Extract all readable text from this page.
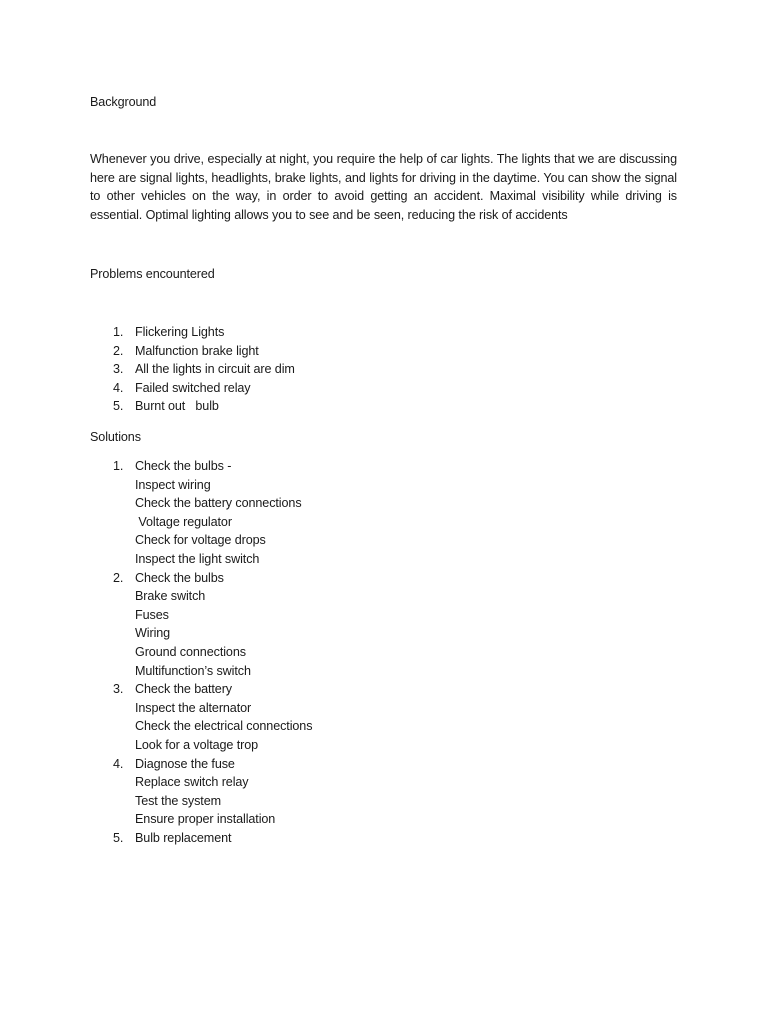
Background

Whenever you drive, especially at night, you require the help of car lights. The lights that we are discussing here are signal lights, headlights, brake lights, and lights for driving in the daytime. You can show the signal to other vehicles on the way, in order to avoid getting an accident. Maximal visibility while driving is essential. Optimal lighting allows you to see and be seen, reducing the risk of accidents

Problems encountered
1. Flickering Lights
2. Malfunction brake light
3. All the lights in circuit are dim
4. Failed switched relay
5. Burnt out   bulb
Solutions
1. Check the bulbs -
Inspect wiring
Check the battery connections
Voltage regulator
Check for voltage drops
Inspect the light switch
2. Check the bulbs
Brake switch
Fuses
Wiring
Ground connections
Multifunction’s switch
3. Check the battery
Inspect the alternator
Check the electrical connections
Look for a voltage trop
4. Diagnose the fuse
Replace switch relay
Test the system
Ensure proper installation
5. Bulb replacement
